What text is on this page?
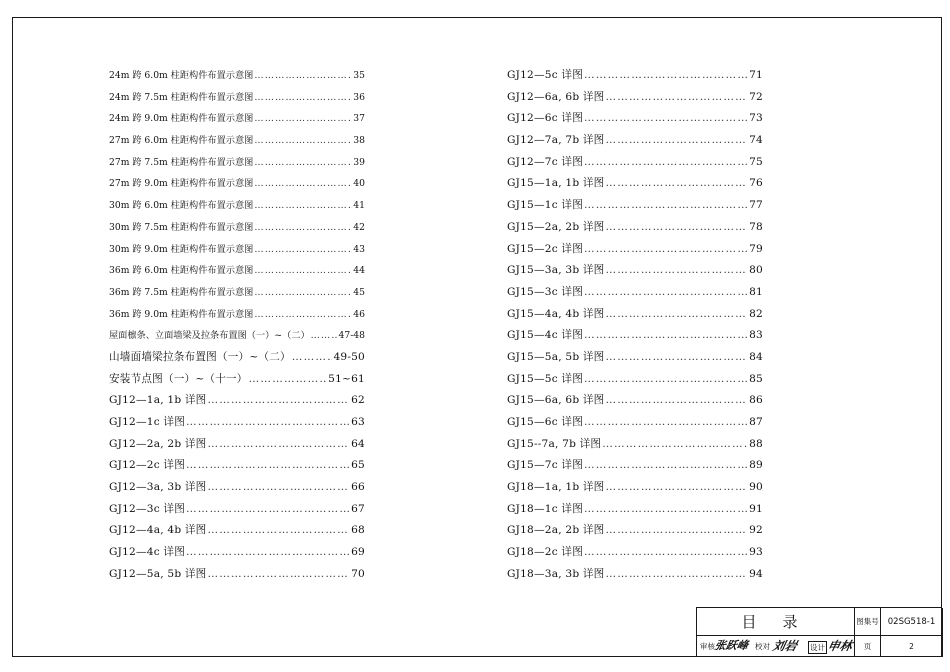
24m 跨 6.0m 柱距构件布置示意图 …………………………………………………………………………………………………………………………	35
24m 跨 7.5m 柱距构件布置示意图 …………………………………………………………………………………………………………………………	36
24m 跨 9.0m 柱距构件布置示意图 …………………………………………………………………………………………………………………………	37
27m 跨 6.0m 柱距构件布置示意图 …………………………………………………………………………………………………………………………	38
27m 跨 7.5m 柱距构件布置示意图 …………………………………………………………………………………………………………………………	39
27m 跨 9.0m 柱距构件布置示意图 …………………………………………………………………………………………………………………………	40
30m 跨 6.0m 柱距构件布置示意图 …………………………………………………………………………………………………………………………	41
30m 跨 7.5m 柱距构件布置示意图 …………………………………………………………………………………………………………………………	42
30m 跨 9.0m 柱距构件布置示意图 …………………………………………………………………………………………………………………………	43
36m 跨 6.0m 柱距构件布置示意图 …………………………………………………………………………………………………………………………	44
36m 跨 7.5m 柱距构件布置示意图 …………………………………………………………………………………………………………………………	45
36m 跨 9.0m 柱距构件布置示意图 …………………………………………………………………………………………………………………………	46
屋面檩条、立面墙梁及拉条布置图（一）~（二） …………………………………………………………………………………………………………………………	47-48
山墙面墙梁拉条布置图（一）~（二） …………………………………………………………………………………………………………………………	49-50
安装节点图（一）~（十一） …………………………………………………………………………………………………………………………	51~61
GJ12—1a, 1b 详图 …………………………………………………………………………………………………………………………	62
GJ12—1c 详图 …………………………………………………………………………………………………………………………	63
GJ12—2a, 2b 详图 …………………………………………………………………………………………………………………………	64
GJ12—2c 详图 …………………………………………………………………………………………………………………………	65
GJ12—3a, 3b 详图 …………………………………………………………………………………………………………………………	66
GJ12—3c 详图 …………………………………………………………………………………………………………………………	67
GJ12—4a, 4b 详图 …………………………………………………………………………………………………………………………	68
GJ12—4c 详图 …………………………………………………………………………………………………………………………	69
GJ12—5a, 5b 详图 …………………………………………………………………………………………………………………………	70
GJ12—5c 详图 …………………………………………………………………………………………………………………………	71
GJ12—6a, 6b 详图 …………………………………………………………………………………………………………………………	72
GJ12—6c 详图 …………………………………………………………………………………………………………………………	73
GJ12—7a, 7b 详图 …………………………………………………………………………………………………………………………	74
GJ12—7c 详图 …………………………………………………………………………………………………………………………	75
GJ15—1a, 1b 详图 …………………………………………………………………………………………………………………………	76
GJ15—1c 详图 …………………………………………………………………………………………………………………………	77
GJ15—2a, 2b 详图 …………………………………………………………………………………………………………………………	78
GJ15—2c 详图 …………………………………………………………………………………………………………………………	79
GJ15—3a, 3b 详图 …………………………………………………………………………………………………………………………	80
GJ15—3c 详图 …………………………………………………………………………………………………………………………	81
GJ15—4a, 4b 详图 …………………………………………………………………………………………………………………………	82
GJ15—4c 详图 …………………………………………………………………………………………………………………………	83
GJ15—5a, 5b 详图 …………………………………………………………………………………………………………………………	84
GJ15—5c 详图 …………………………………………………………………………………………………………………………	85
GJ15—6a, 6b 详图 …………………………………………………………………………………………………………………………	86
GJ15—6c 详图 …………………………………………………………………………………………………………………………	87
GJ15--7a, 7b 详图 …………………………………………………………………………………………………………………………	88
GJ15—7c 详图 …………………………………………………………………………………………………………………………	89
GJ18—1a, 1b 详图 …………………………………………………………………………………………………………………………	90
GJ18—1c 详图 …………………………………………………………………………………………………………………………	91
GJ18—2a, 2b 详图 …………………………………………………………………………………………………………………………	92
GJ18—2c 详图 …………………………………………………………………………………………………………………………	93
GJ18—3a, 3b 详图 …………………………………………………………………………………………………………………………	94
目录	图集号	02SG518-1
审核
张跃峰 校对 刘岩 设计 申林	页	2
